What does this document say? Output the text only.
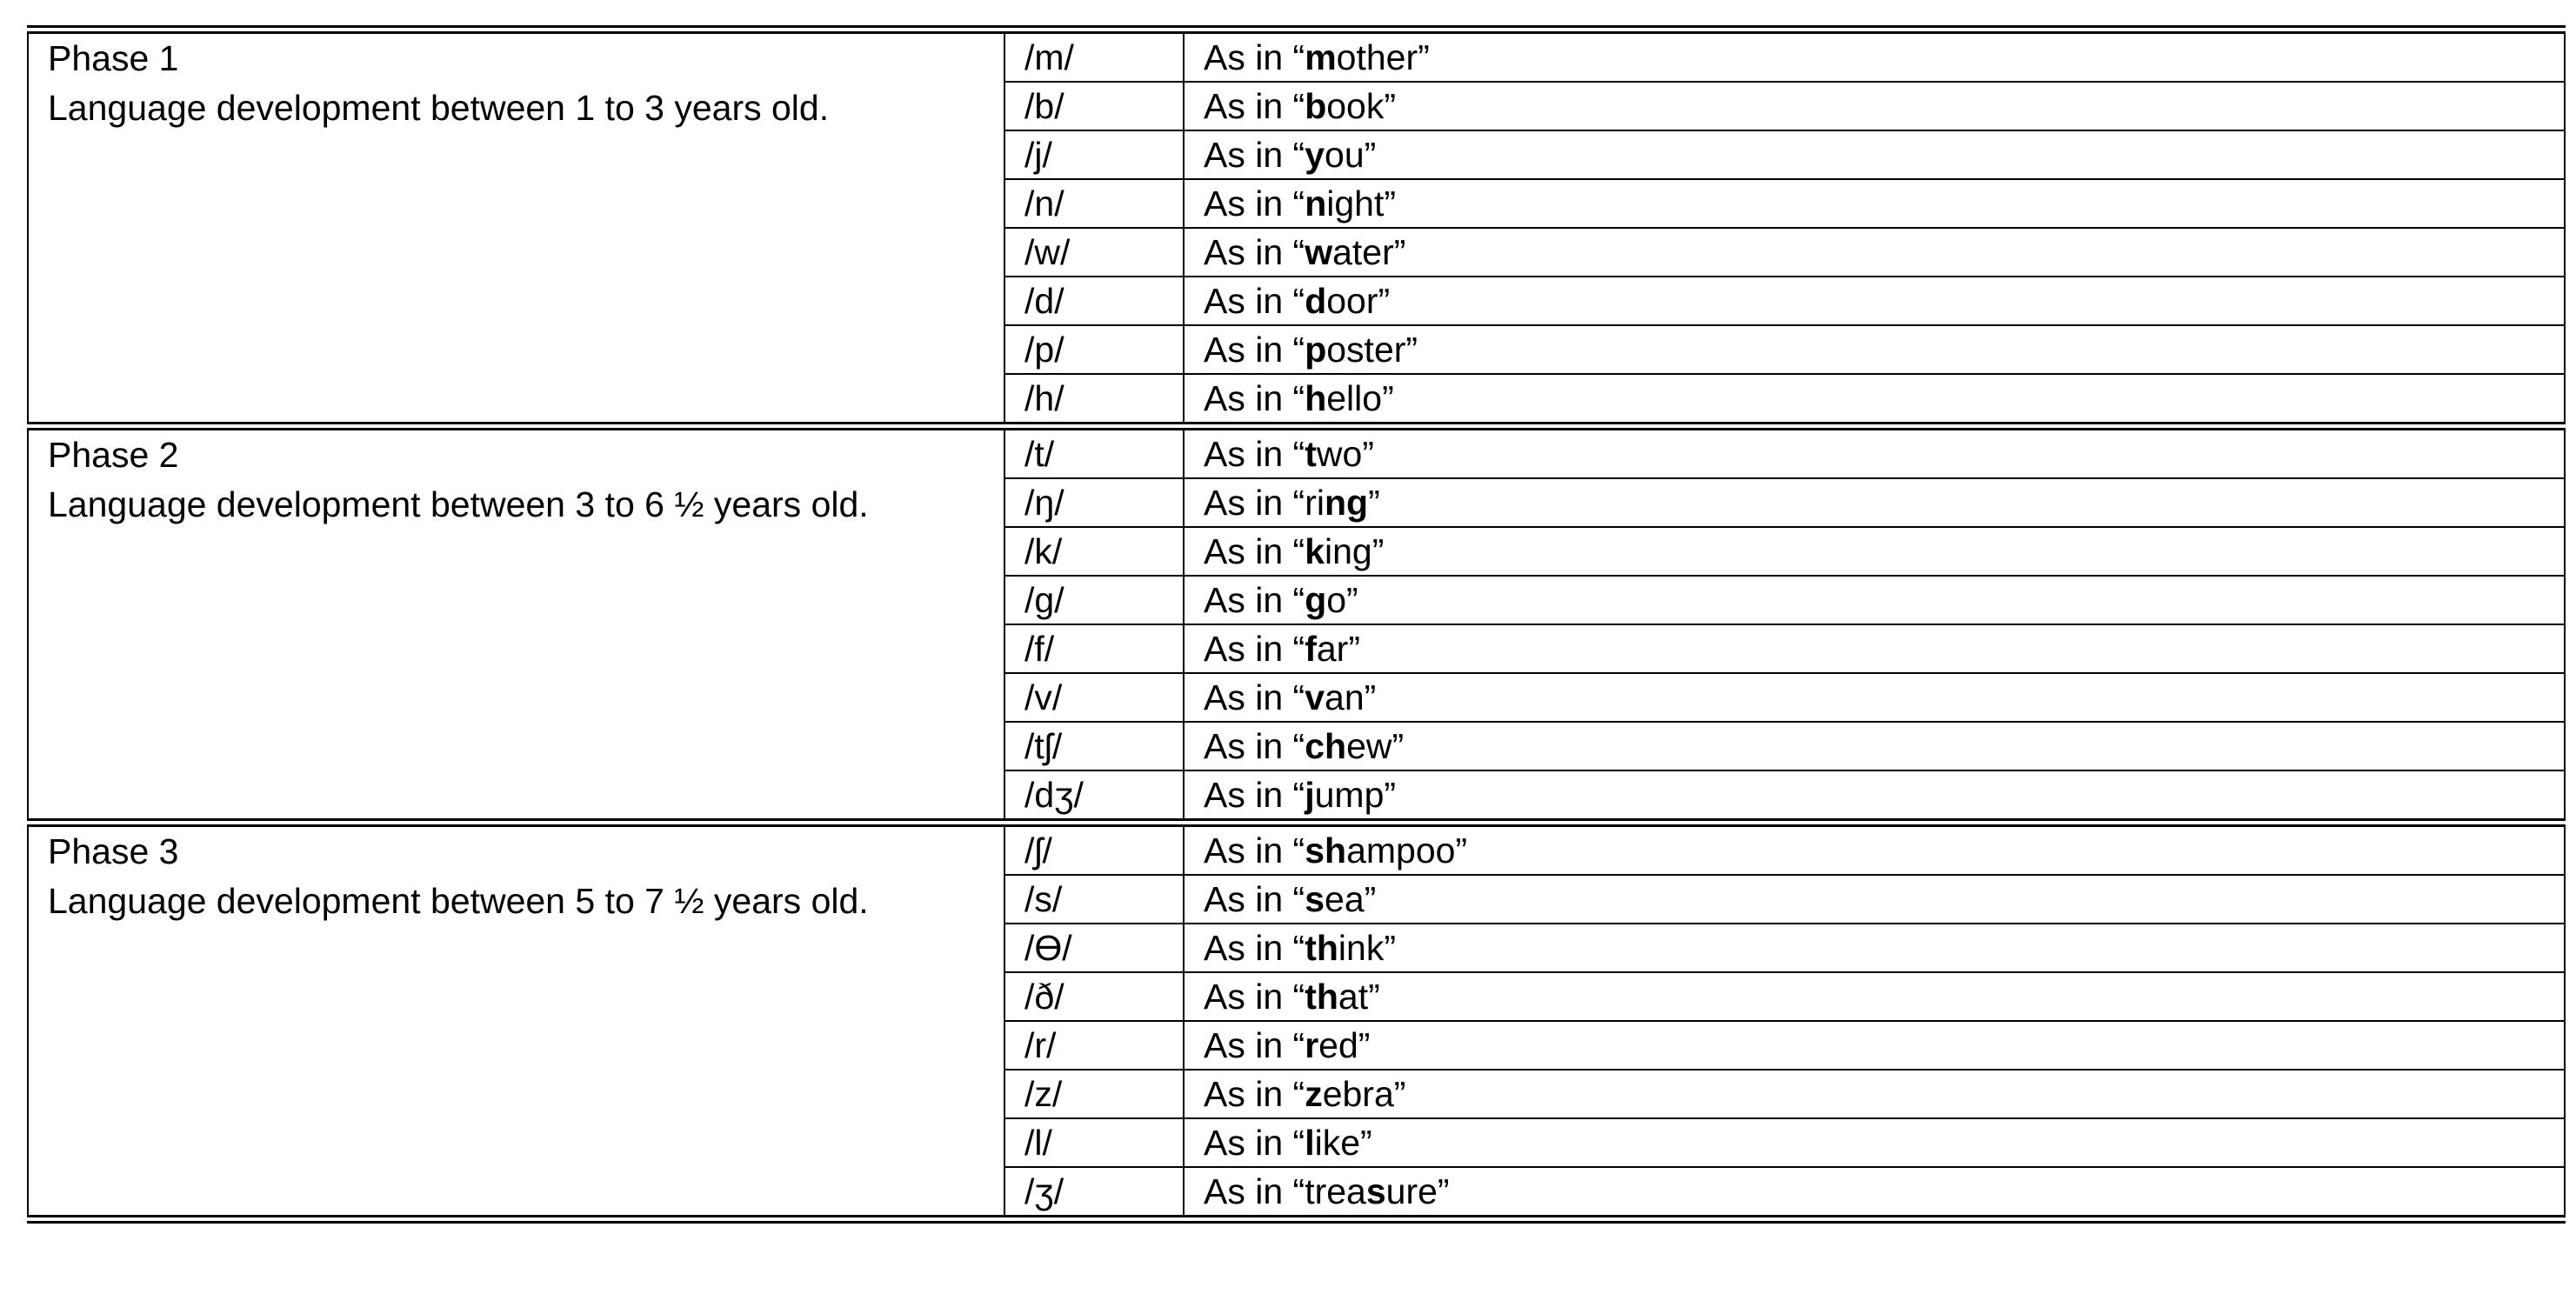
Phase 1
Language development between 1 to 3 years old.	/m/	As in “mother”
	/b/	As in “book”
	/j/	As in “you”
	/n/	As in “night”
	/w/	As in “water”
	/d/	As in “door”
	/p/	As in “poster”
	/h/	As in “hello”

Phase 2
Language development between 3 to 6 ½ years old.	/t/	As in “two”
	/ŋ/	As in “ring”
	/k/	As in “king”
	/g/	As in “go”
	/f/	As in “far”
	/v/	As in “van”
	/tʃ/	As in “chew”
	/dʒ/	As in “jump”

Phase 3
Language development between 5 to 7 ½ years old.	/ʃ/	As in “shampoo”
	/s/	As in “sea”
	/Ɵ/	As in “think”
	/ð/	As in “that”
	/r/	As in “red”
	/z/	As in “zebra”
	/l/	As in “like”
	/ʒ/	As in “treasure”
